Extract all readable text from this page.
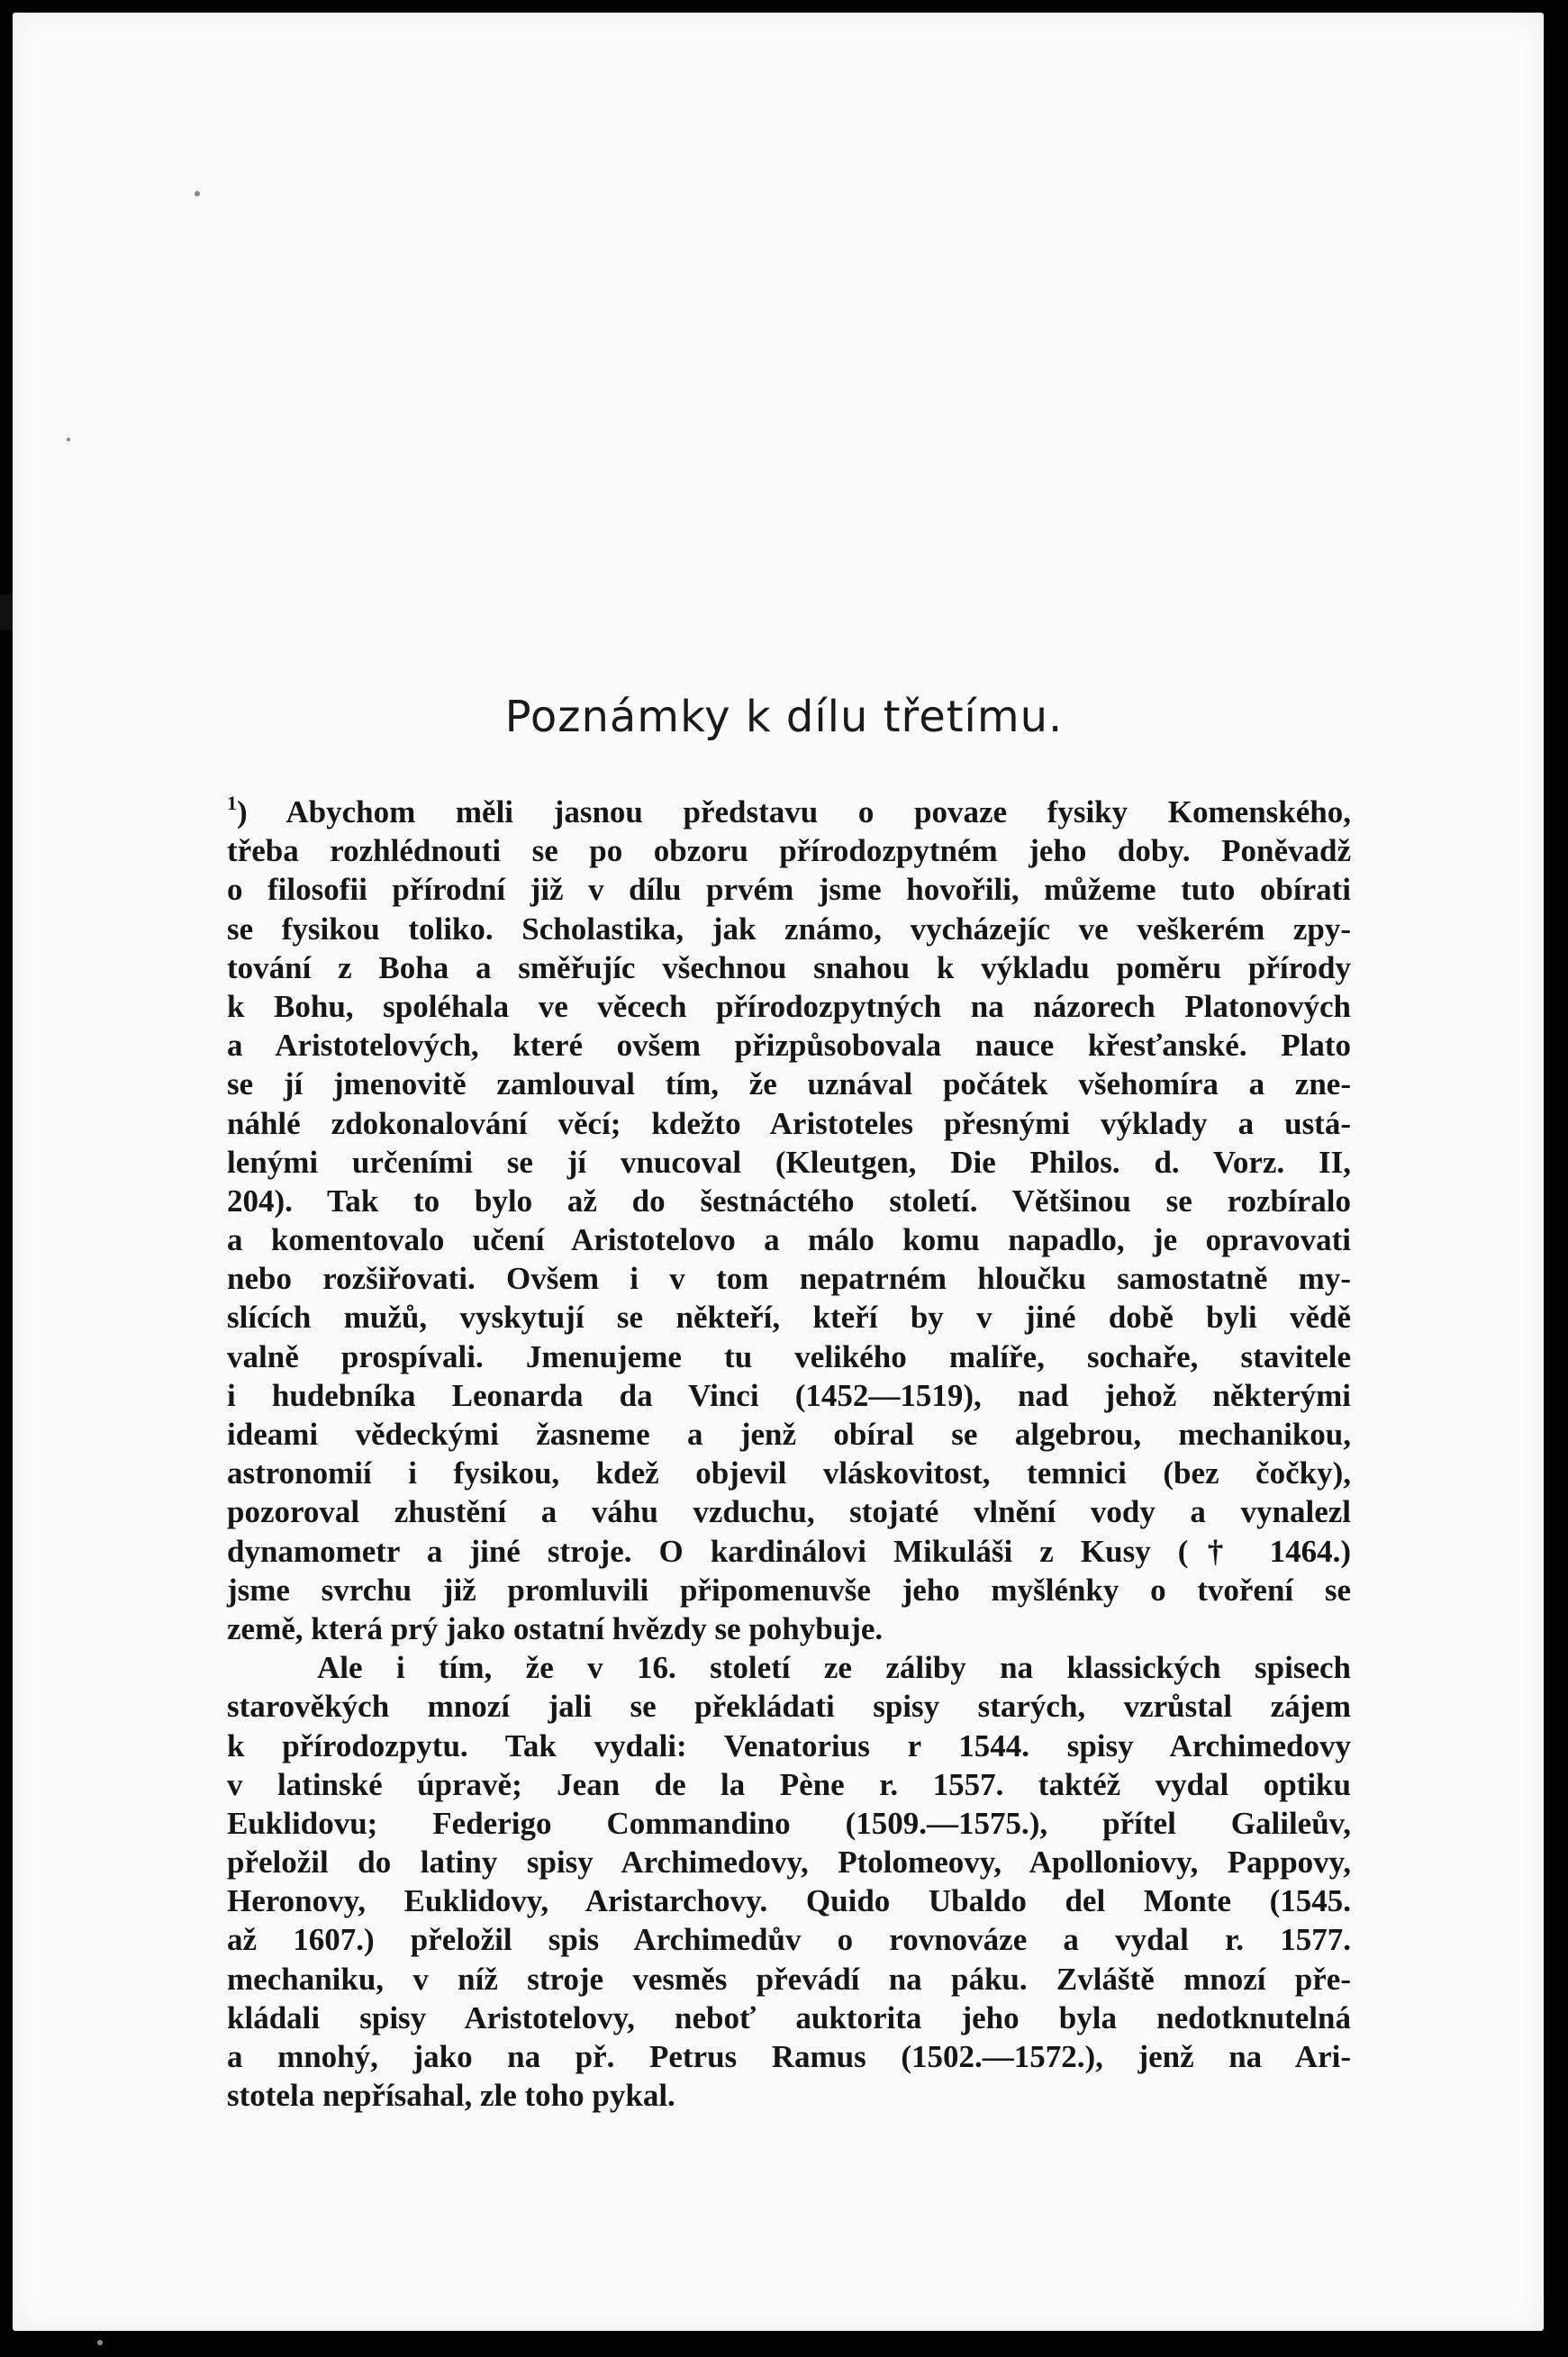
Poznámky k dílu třetímu.
$^1$) Abychom měli jasnou představu o povaze fysiky Komenského,
třeba rozhlédnouti se po obzoru přírodozpytném jeho doby. Poněvadž
o filosofii přírodní již v dílu prvém jsme hovořili, můžeme tuto obírati
se fysikou toliko. Scholastika, jak známo, vycházejíc ve veškerém zpy-
tování z Boha a směřujíc všechnou snahou k výkladu poměru přírody
k Bohu, spoléhala ve věcech přírodozpytných na názorech Platonových
a Aristotelových, které ovšem přizpůsobovala nauce křesťanské. Plato
se jí jmenovitě zamlouval tím, že uznával počátek všehomíra a zne-
náhlé zdokonalování věcí; kdežto Aristoteles přesnými výklady a ustá-
lenými určeními se jí vnucoval (Kleutgen, Die Philos. d. Vorz. II,
204). Tak to bylo až do šestnáctého století. Většinou se rozbíralo
a komentovalo učení Aristotelovo a málo komu napadlo, je opravovati
nebo rozšiřovati. Ovšem i v tom nepatrném hloučku samostatně my-
slících mužů, vyskytují se někteří, kteří by v jiné době byli vědě
valně prospívali. Jmenujeme tu velikého malíře, sochaře, stavitele
i hudebníka Leonarda da Vinci (1452—1519), nad jehož některými
ideami vědeckými žasneme a jenž obíral se algebrou, mechanikou,
astronomií i fysikou, kdež objevil vláskovitost, temnici (bez čočky),
pozoroval zhustění a váhu vzduchu, stojaté vlnění vody a vynalezl
dynamometr a jiné stroje. O kardinálovi Mikuláši z Kusy († 1464.)
jsme svrchu již promluvili připomenuvše jeho myšlénky o tvoření se
země, která prý jako ostatní hvězdy se pohybuje.
Ale i tím, že v 16. století ze záliby na klassických spisech
starověkých mnozí jali se překládati spisy starých, vzrůstal zájem
k přírodozpytu. Tak vydali: Venatorius r 1544. spisy Archimedovy
v latinské úpravě; Jean de la Pène r. 1557. taktéž vydal optiku
Euklidovu; Federigo Commandino (1509.—1575.), přítel Galileův,
přeložil do latiny spisy Archimedovy, Ptolomeovy, Apolloniovy, Pappovy,
Heronovy, Euklidovy, Aristarchovy. Quido Ubaldo del Monte (1545.
až 1607.) přeložil spis Archimedův o rovnováze a vydal r. 1577.
mechaniku, v níž stroje vesměs převádí na páku. Zvláště mnozí pře-
kládali spisy Aristotelovy, neboť auktorita jeho byla nedotknutelná
a mnohý, jako na př. Petrus Ramus (1502.—1572.), jenž na Ari-
stotela nepřísahal, zle toho pykal.
